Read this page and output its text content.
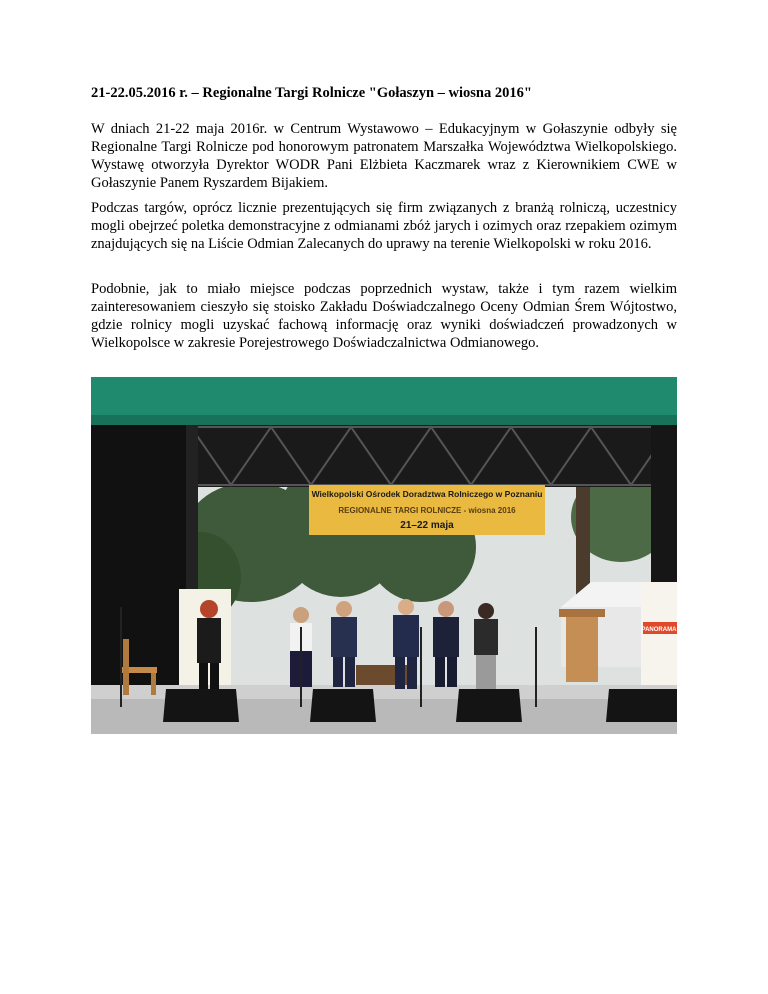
21-22.05.2016 r. – Regionalne Targi Rolnicze "Gołaszyn – wiosna 2016"

W dniach 21-22 maja 2016r. w Centrum Wystawowo – Edukacyjnym w Gołaszynie odbyły się Regionalne Targi Rolnicze pod honorowym patronatem Marszałka Województwa Wielkopolskiego. Wystawę otworzyła Dyrektor WODR Pani Elżbieta Kaczmarek wraz z Kierownikiem CWE w Gołaszynie Panem Ryszardem Bijakiem.

Podczas targów, oprócz licznie prezentujących się firm związanych z branżą rolniczą, uczestnicy mogli obejrzeć poletka demonstracyjne z odmianami zbóż jarych i ozimych oraz rzepakiem ozimym znajdujących się na Liście Odmian Zalecanych do uprawy na terenie Wielkopolski w roku 2016.

Podobnie, jak to miało miejsce podczas poprzednich wystaw, także i tym razem wielkim zainteresowaniem cieszyło się stoisko Zakładu Doświadczalnego Oceny Odmian Śrem Wójtostwo, gdzie rolnicy mogli uzyskać fachową informację oraz wyniki doświadczeń prowadzonych w Wielkopolsce w zakresie Porejestrowego Doświadczalnictwa Odmianowego.

Wielkopolski Ośrodek Doradztwa Rolniczego w Poznaniu
REGIONALNE TARGI ROLNICZE - wiosna 2016
21–22 maja
PANORAMA
